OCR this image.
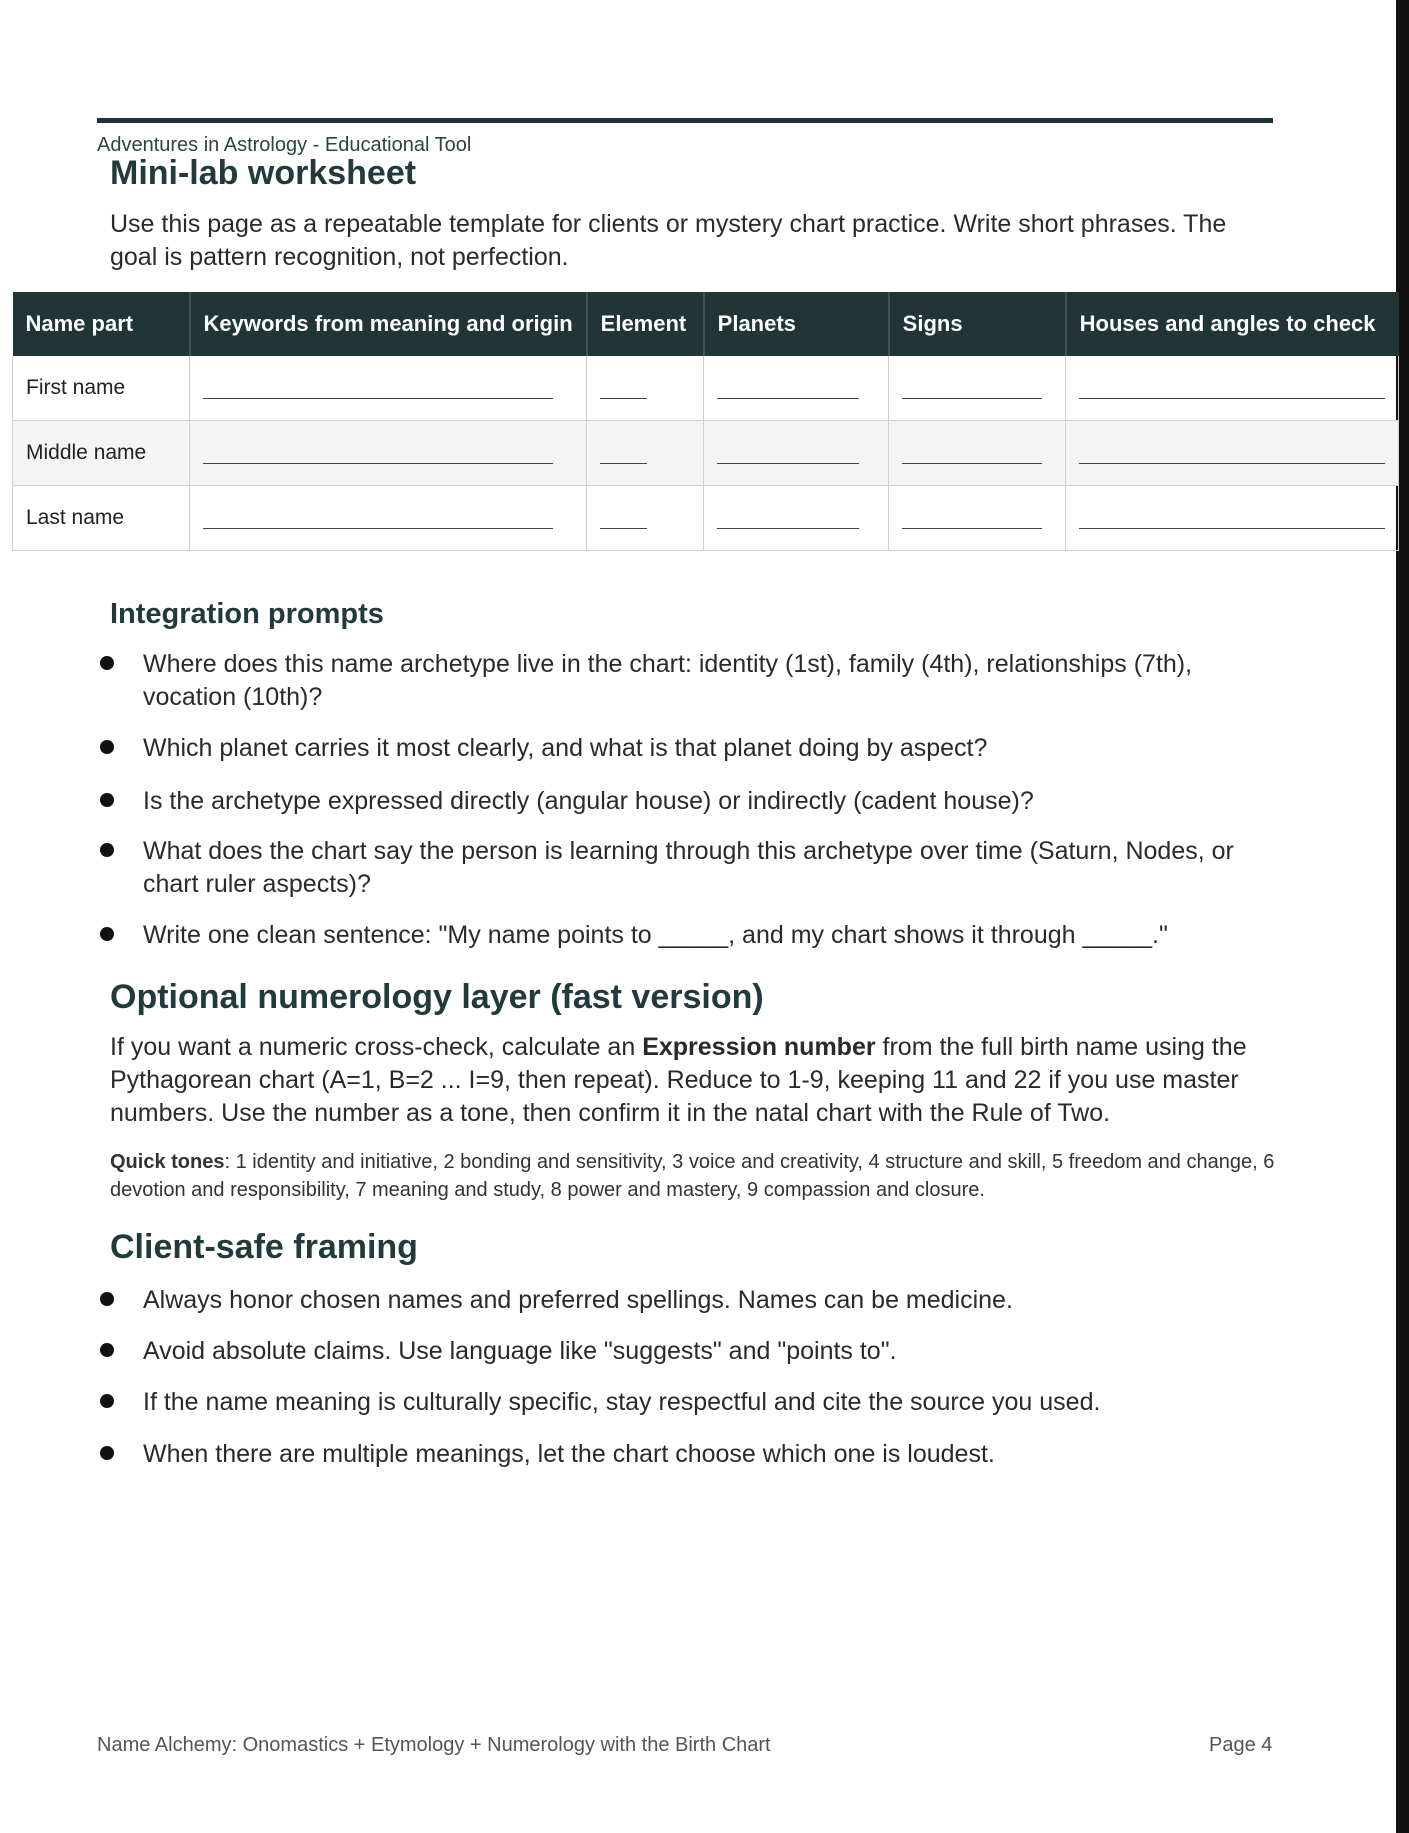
Adventures in Astrology - Educational Tool
Mini-lab worksheet

Use this page as a repeatable template for clients or mystery chart practice. Write short phrases. The goal is pattern recognition, not perfection.

Name part	Keywords from meaning and origin	Element	Planets	Signs	Houses and angles to check
First name	

Middle name	

Last name	

Integration prompts
Where does this name archetype live in the chart: identity (1st), family (4th), relationships (7th), vocation (10th)?
Which planet carries it most clearly, and what is that planet doing by aspect?
Is the archetype expressed directly (angular house) or indirectly (cadent house)?
What does the chart say the person is learning through this archetype over time (Saturn, Nodes, or chart ruler aspects)?
Write one clean sentence: "My name points to _____, and my chart shows it through _____."
Optional numerology layer (fast version)

If you want a numeric cross-check, calculate an Expression number from the full birth name using the Pythagorean chart (A=1, B=2 ... I=9, then repeat). Reduce to 1-9, keeping 11 and 22 if you use master numbers. Use the number as a tone, then confirm it in the natal chart with the Rule of Two.

Quick tones: 1 identity and initiative, 2 bonding and sensitivity, 3 voice and creativity, 4 structure and skill, 5 freedom and change, 6 devotion and responsibility, 7 meaning and study, 8 power and mastery, 9 compassion and closure.

Client-safe framing
Always honor chosen names and preferred spellings. Names can be medicine.
Avoid absolute claims. Use language like "suggests" and "points to".
If the name meaning is culturally specific, stay respectful and cite the source you used.
When there are multiple meanings, let the chart choose which one is loudest.
Name Alchemy: Onomastics + Etymology + Numerology with the Birth Chart	Page 4
